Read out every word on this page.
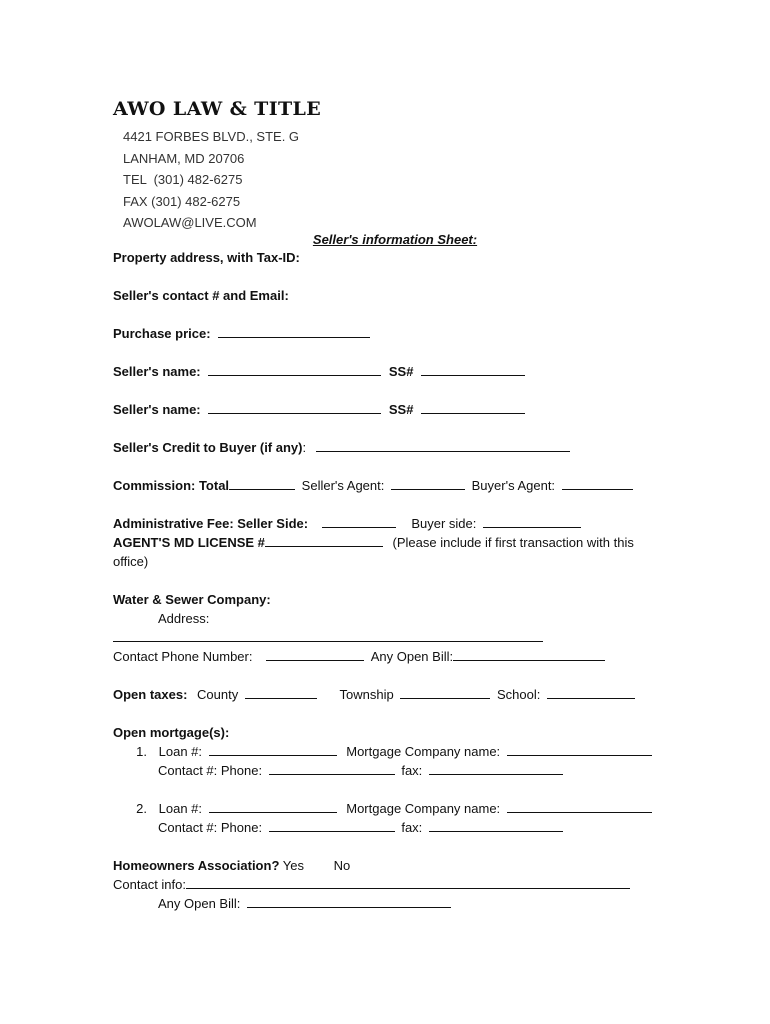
AWO LAW & TITLE
4421 FORBES BLVD., STE. G
LANHAM, MD 20706
TEL  (301) 482-6275
FAX (301) 482-6275
AWOLAW@LIVE.COM
Seller's information Sheet:
Property address, with Tax-ID:
Seller's contact # and Email:
Purchase price:
Seller's name:	SS#
Seller's name:	SS#
Seller's Credit to Buyer (if any):
Commission: Total	Seller's Agent:	Buyer's Agent:
Administrative Fee: Seller Side:	Buyer side:
AGENT'S MD LICENSE #	(Please include if first transaction with this
office)
Water & Sewer Company:
Address:
Contact Phone Number:	Any Open Bill:
Open taxes: County	Township	School:
Open mortgage(s):
1. Loan #:	Mortgage Company name:
Contact #: Phone:	fax:
2. Loan #:	Mortgage Company name:
Contact #: Phone:	fax:
Homeowners Association? Yes No
Contact info:
Any Open Bill:
